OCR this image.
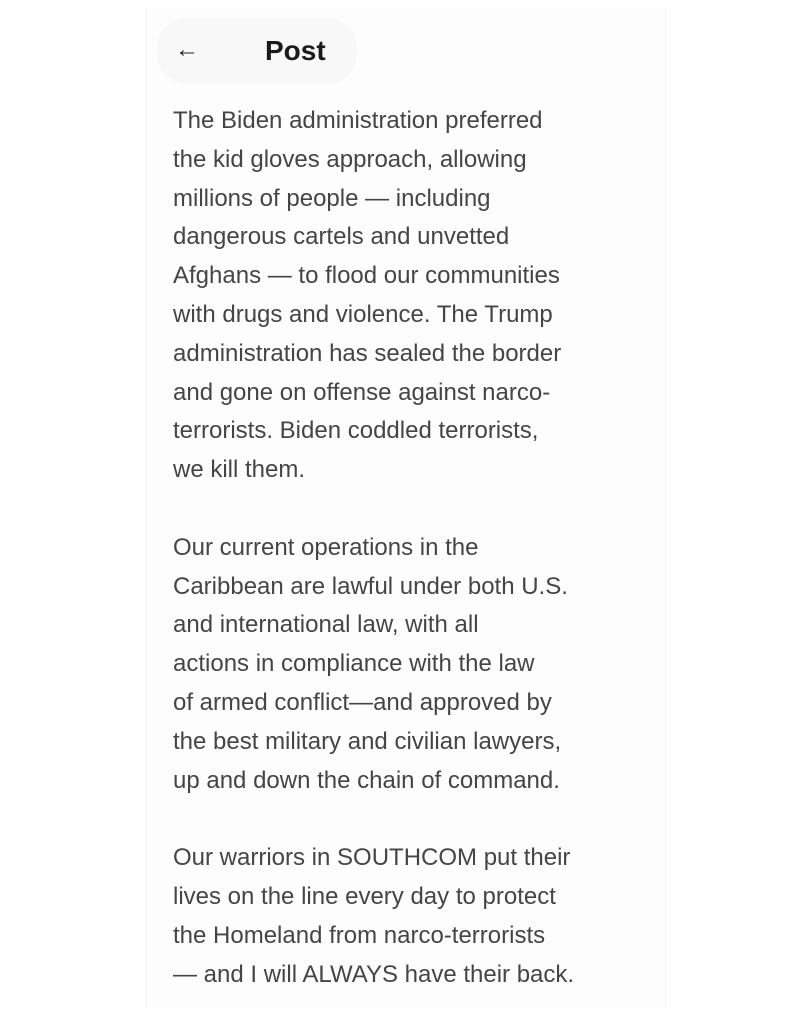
← Post
The Biden administration preferred
the kid gloves approach, allowing
millions of people — including
dangerous cartels and unvetted
Afghans — to flood our communities
with drugs and violence. The Trump
administration has sealed the border
and gone on offense against narco-
terrorists. Biden coddled terrorists,
we kill them.
Our current operations in the
Caribbean are lawful under both U.S.
and international law, with all
actions in compliance with the law
of armed conflict—and approved by
the best military and civilian lawyers,
up and down the chain of command.
Our warriors in SOUTHCOM put their
lives on the line every day to protect
the Homeland from narco-terrorists
— and I will ALWAYS have their back.
